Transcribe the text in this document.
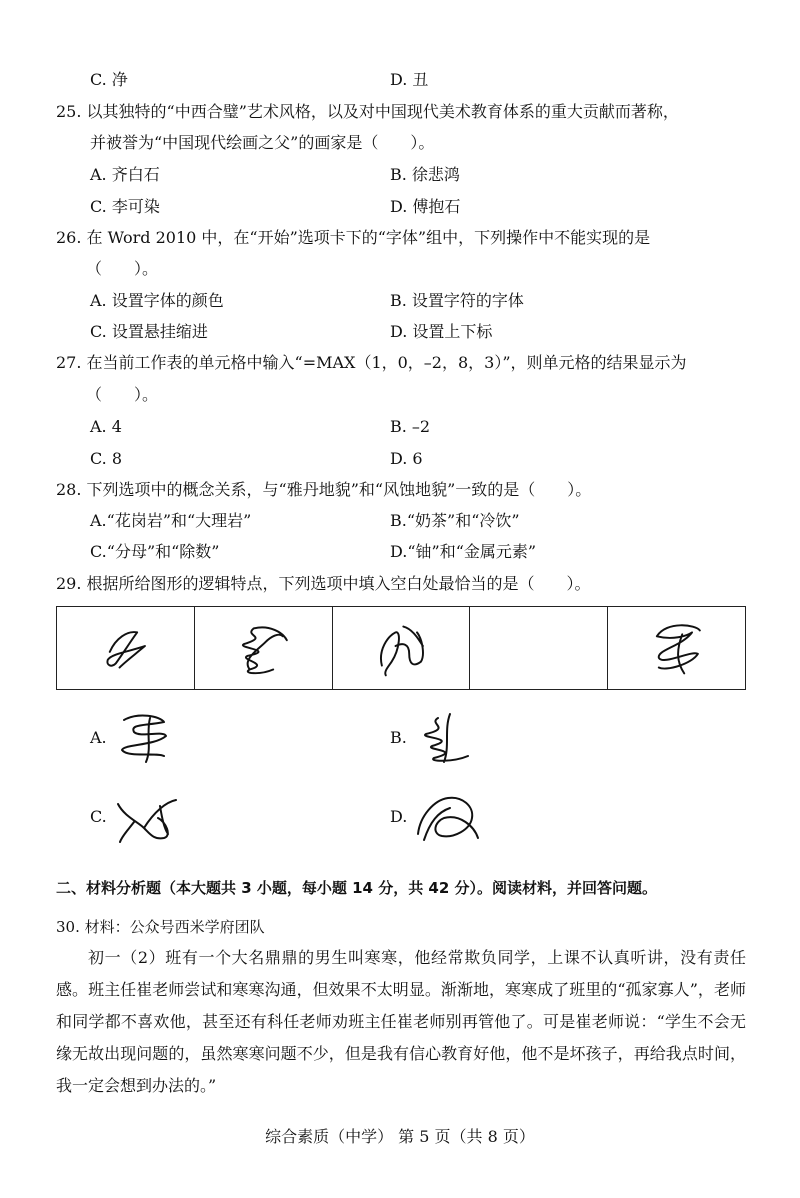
C. 净	D. 丑
25. 以其独特的“中西合璧”艺术风格，以及对中国现代美术教育体系的重大贡献而著称，
并被誉为“中国现代绘画之父”的画家是（　　）。
A. 齐白石	B. 徐悲鸿
C. 李可染	D. 傅抱石
26. 在 Word 2010 中，在“开始”选项卡下的“字体”组中，下列操作中不能实现的是
（　　）。
A. 设置字体的颜色	B. 设置字符的字体
C. 设置悬挂缩进	D. 设置上下标
27. 在当前工作表的单元格中输入“=MAX（1，0，–2，8，3）”，则单元格的结果显示为
（　　）。
A. 4	B. –2
C. 8	D. 6
28. 下列选项中的概念关系，与“雅丹地貌”和“风蚀地貌”一致的是（　　）。
A.“花岗岩”和“大理岩”	B.“奶茶”和“冷饮”
C.“分母”和“除数”	D.“铀”和“金属元素”
29. 根据所给图形的逻辑特点，下列选项中填入空白处最恰当的是（　　）。
A.	B.
C.	D.
二、材料分析题（本大题共 3 小题，每小题 14 分，共 42 分）。阅读材料，并回答问题。
30. 材料：公众号西米学府团队

初一（2）班有一个大名鼎鼎的男生叫寒寒，他经常欺负同学，上课不认真听讲，没有责任感。班主任崔老师尝试和寒寒沟通，但效果不太明显。渐渐地，寒寒成了班里的“孤家寡人”，老师和同学都不喜欢他，甚至还有科任老师劝班主任崔老师别再管他了。可是崔老师说：“学生不会无缘无故出现问题的，虽然寒寒问题不少，但是我有信心教育好他，他不是坏孩子，再给我点时间，我一定会想到办法的。”

综合素质（中学） 第 5 页（共 8 页）
